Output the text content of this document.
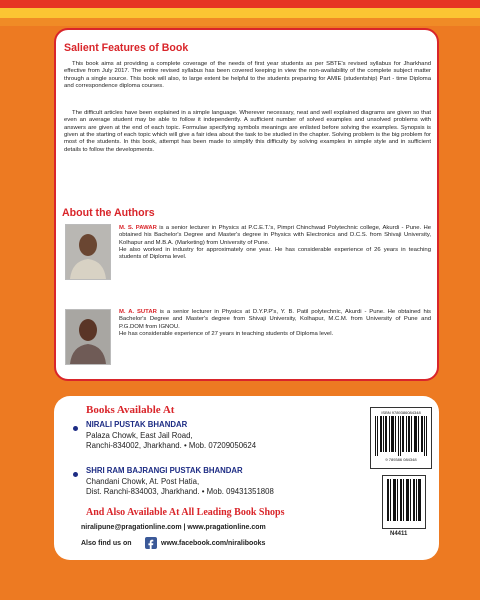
Salient Features of Book

This book aims at providing a complete coverage of the needs of first year students as per SBTE's revised syllabus for Jharkhand effective from July 2017. The entire revised syllabus has been covered keeping in view the non-availability of the complete subject matter through a single source. This book will also, to large extent be helpful to the students preparing for AMIE (studentship) Part - time Diploma and correspondence diploma courses.

The difficult articles have been explained in a simple language. Wherever necessary, neat and well explained diagrams are given so that even an average student may be able to follow it independently. A sufficient number of solved examples and unsolved problems with answers are given at the end of each topic. Formulae specifying symbols meanings are enlisted before solving the examples. Synopsis is given at the starting of each topic which will give a fair idea about the task to be studied in the chapter. Solving problem is the big problem for most of the students. In this book, attempt has been made to simplify this difficulty by solving examples in simple style and in sufficient details to follow the developments.

About the Authors

M. S. PAWAR is a senior lecturer in Physics at P.C.E.T.'s, Pimpri Chinchwad Polytechnic college, Akurdi - Pune. He obtained his Bachelor's Degree and Master's degree in Physics with Electronics and D.C.S. from Shivaji University, Kolhapur and M.B.A. (Marketing) from University of Pune.

He also worked in industry for approximately one year. He has considerable experience of 26 years in teaching students of Diploma level.

M. A. SUTAR is a senior lecturer in Physics at D.Y.P.P's, Y. B. Patil polytechnic, Akurdi - Pune. He obtained his Bachelor's Degree and Master's degree from Shivaji University, Kolhapur, M.C.M. from University of Pune and P.G.DOM from IGNOU.

He has considerable experience of 27 years in teaching students of Diploma level.

Books Available At
NIRALI PUSTAK BHANDAR
Palaza Chowk, East Jail Road,
Ranchi-834002, Jharkhand. • Mob. 07209050624
SHRI RAM BAJRANGI PUSTAK BHANDAR
Chandani Chowk, At. Post Hatia,
Dist. Ranchi-834003, Jharkhand. • Mob. 09431351808
And Also Available At All Leading Book Shops
niralipune@pragationline.com | www.pragationline.com
Also find us on	www.facebook.com/niralibooks
ISBN 9789386084348
9 789386 084348
N4411
